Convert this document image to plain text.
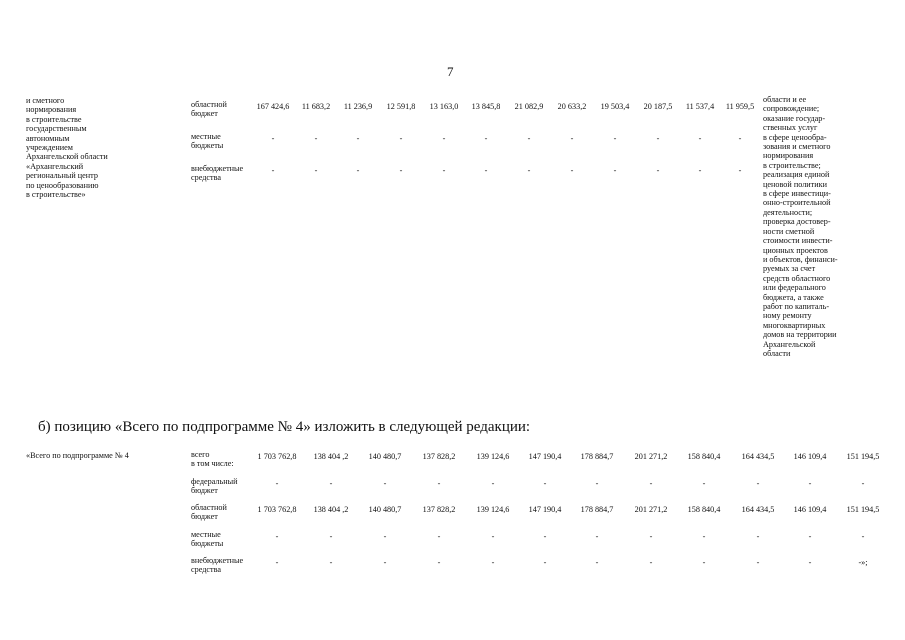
7
и сметного
нормирования
в строительстве
государственным
автономным
учреждением
Архангельской области
«Архангельский
региональный центр
по ценообразованию
в строительстве»
областной
бюджет
167 424,6	11 683,2	11 236,9	12 591,8	13 163,0	13 845,8	21 082,9	20 633,2	19 503,4	20 187,5	11 537,4	11 959,5
местные
бюджеты
-	-	-	-	-	-	-	-	-	-	-	-
внебюджетные
средства
-	-	-	-	-	-	-	-	-	-	-	-
области и ее
сопровождение;
оказание государ-
ственных услуг
в сфере ценообра-
зования и сметного
нормирования
в строительстве;
реализация единой
ценовой политики
в сфере инвестици-
онно-строительной
деятельности;
проверка достовер-
ности сметной
стоимости инвести-
ционных проектов
и объектов, финанси-
руемых за счет
средств областного
или федерального
бюджета, а также
работ по капиталь-
ному ремонту
многоквартирных
домов на территории
Архангельской
области
б) позицию «Всего по подпрограмме № 4» изложить в следующей редакции:
«Всего по подпрограмме № 4	всего
в том числе:
1 703 762,8	138 404 ,2	140 480,7	137 828,2	139 124,6	147 190,4	178 884,7	201 271,2	158 840,4	164 434,5	146 109,4	151 194,5
федеральный
бюджет
-	-	-	-	-	-	-	-	-	-	-	-
областной
бюджет
1 703 762,8	138 404 ,2	140 480,7	137 828,2	139 124,6	147 190,4	178 884,7	201 271,2	158 840,4	164 434,5	146 109,4	151 194,5
местные
бюджеты
-	-	-	-	-	-	-	-	-	-	-	-
внебюджетные
средства
-	-	-	-	-	-	-	-	-	-	-	-»;
